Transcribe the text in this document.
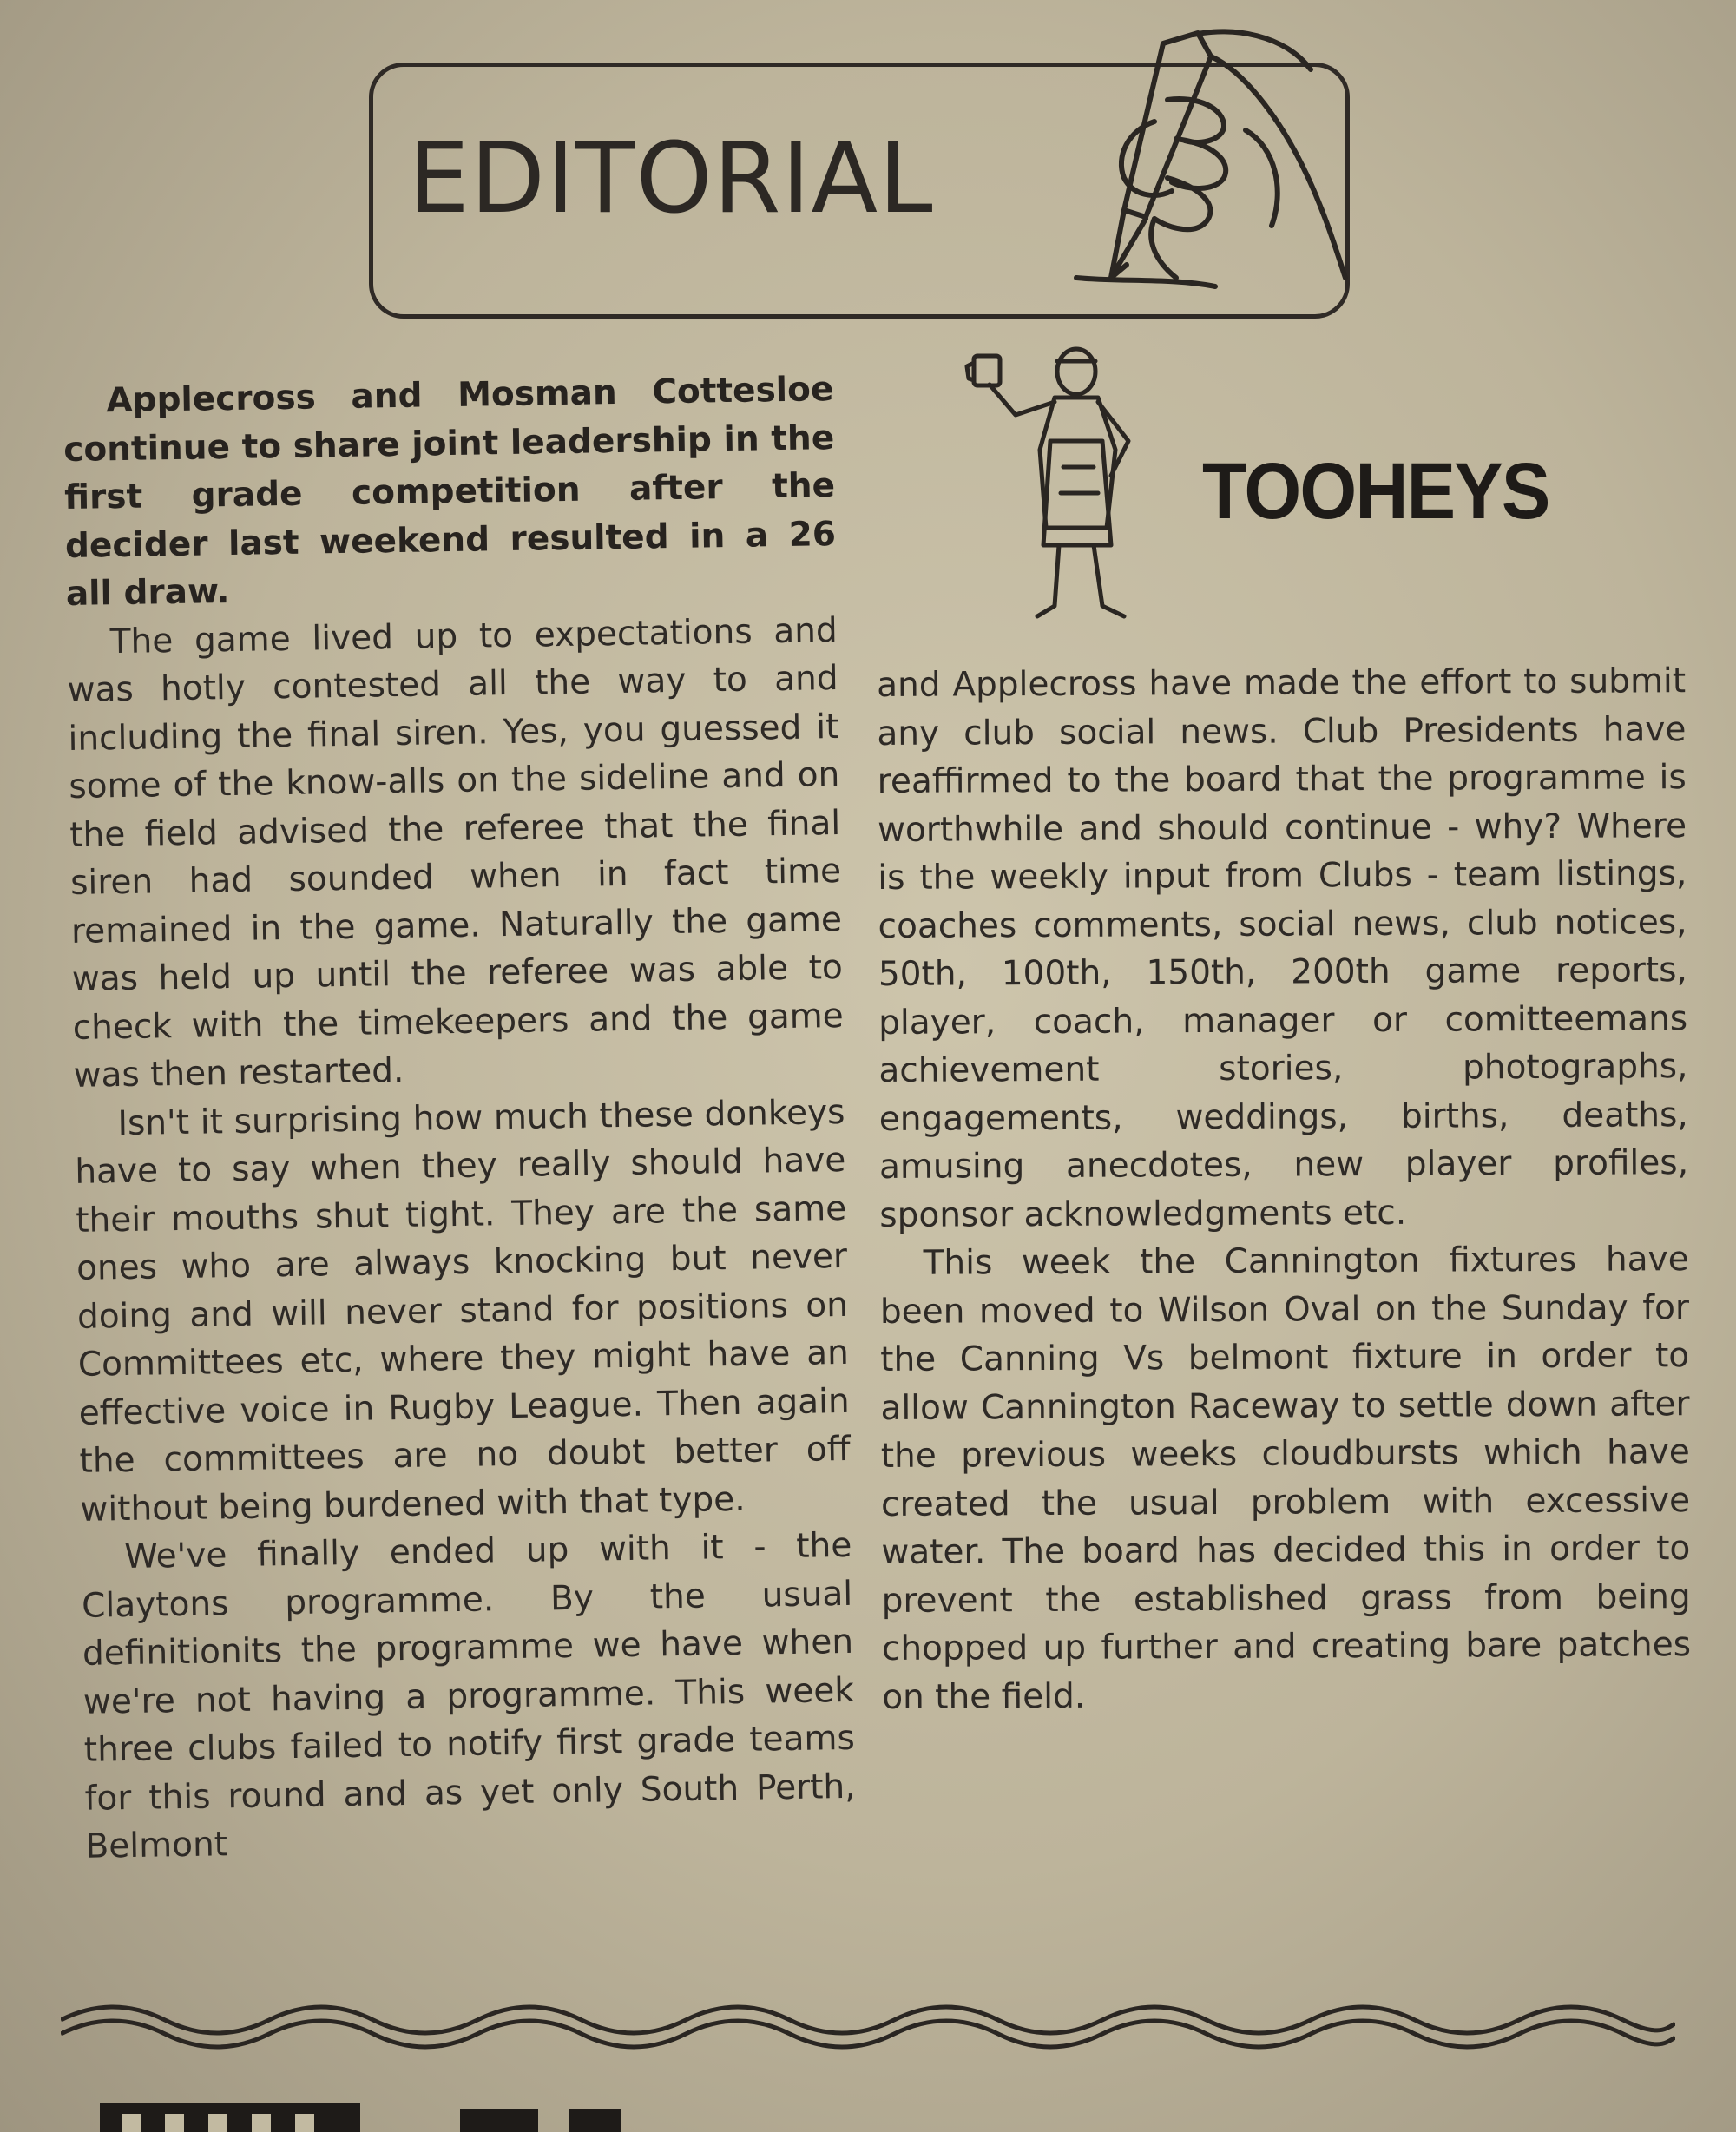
EDITORIAL
TOOHEYS

Applecross and Mosman Cottesloe continue to share joint leadership in the first grade competition after the decider last weekend resulted in a 26 all draw.

The game lived up to expectations and was hotly contested all the way to and including the final siren. Yes, you guessed it some of the know-alls on the sideline and on the field advised the referee that the final siren had sounded when in fact time remained in the game. Naturally the game was held up until the referee was able to check with the timekeepers and the game was then restarted.

Isn't it surprising how much these donkeys have to say when they really should have their mouths shut tight. They are the same ones who are always knocking but never doing and will never stand for positions on Committees etc, where they might have an effective voice in Rugby League. Then again the committees are no doubt better off without being burdened with that type.

We've finally ended up with it - the Claytons programme. By the usual definitionits the programme we have when we're not having a programme. This week three clubs failed to notify first grade teams for this round and as yet only South Perth, Belmont

and Applecross have made the effort to submit any club social news. Club Presidents have reaffirmed to the board that the programme is worthwhile and should continue - why? Where is the weekly input from Clubs - team listings, coaches comments, social news, club notices, 50th, 100th, 150th, 200th game reports, player, coach, manager or comitteemans achievement stories, photographs, engagements, weddings, births, deaths, amusing anecdotes, new player profiles, sponsor acknowledgments etc.

This week the Cannington fixtures have been moved to Wilson Oval on the Sunday for the Canning Vs belmont fixture in order to allow Cannington Raceway to settle down after the previous weeks cloudbursts which have created the usual problem with excessive water. The board has decided this in order to prevent the established grass from being chopped up further and creating bare patches on the field.
